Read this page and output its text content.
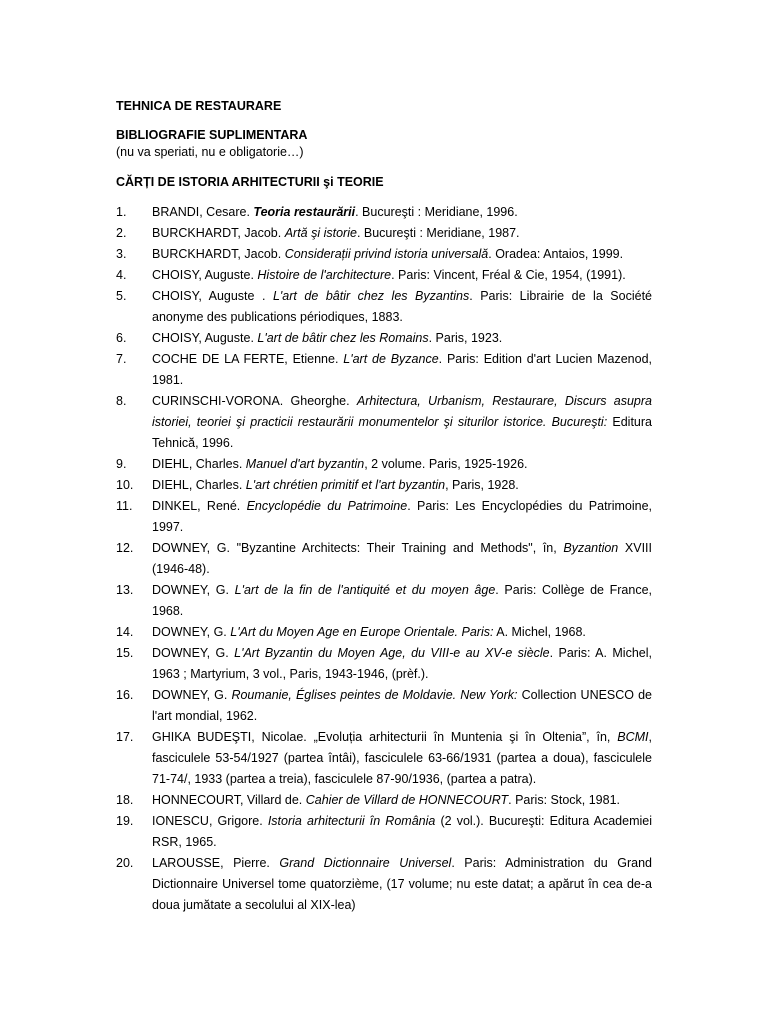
TEHNICA DE RESTAURARE
BIBLIOGRAFIE SUPLIMENTARA
(nu va speriati, nu e obligatorie…)
CĂRȚI DE ISTORIA ARHITECTURII şi TEORIE
1. BRANDI, Cesare. Teoria restaurării. Bucureşti : Meridiane, 1996.
2. BURCKHARDT, Jacob. Artă şi istorie. Bucureşti : Meridiane, 1987.
3. BURCKHARDT, Jacob. Considerații privind istoria universală. Oradea: Antaios, 1999.
4. CHOISY, Auguste. Histoire de l'architecture. Paris: Vincent, Fréal & Cie, 1954, (1991).
5. CHOISY, Auguste . L'art de bâtir chez les Byzantins. Paris: Librairie de la Société anonyme des publications périodiques, 1883.
6. CHOISY, Auguste. L'art de bâtir chez les Romains. Paris, 1923.
7. COCHE DE LA FERTE, Etienne. L'art de Byzance. Paris: Edition d'art Lucien Mazenod, 1981.
8. CURINSCHI-VORONA. Gheorghe. Arhitectura, Urbanism, Restaurare, Discurs asupra istoriei, teoriei şi practicii restaurării monumentelor şi siturilor istorice. Bucureşti: Editura Tehnică, 1996.
9. DIEHL, Charles. Manuel d'art byzantin, 2 volume. Paris, 1925-1926.
10. DIEHL, Charles. L'art chrétien primitif et l'art byzantin, Paris, 1928.
11. DINKEL, René. Encyclopédie du Patrimoine. Paris: Les Encyclopédies du Patrimoine, 1997.
12. DOWNEY, G. "Byzantine Architects: Their Training and Methods", în, Byzantion XVIII (1946-48).
13. DOWNEY, G. L'art de la fin de l'antiquité et du moyen âge. Paris: Collège de France, 1968.
14. DOWNEY, G. L'Art du Moyen Age en Europe Orientale. Paris: A. Michel, 1968.
15. DOWNEY, G. L'Art Byzantin du Moyen Age, du VIII-e au XV-e siècle. Paris: A. Michel, 1963 ; Martyrium, 3 vol., Paris, 1943-1946, (prèf.).
16. DOWNEY, G. Roumanie, Églises peintes de Moldavie. New York: Collection UNESCO de l'art mondial, 1962.
17. GHIKA BUDEŞTI, Nicolae. „Evoluția arhitecturii în Muntenia şi în Oltenia”, în, BCMI, fasciculele 53-54/1927 (partea întâi), fasciculele 63-66/1931 (partea a doua), fasciculele 71-74/, 1933 (partea a treia), fasciculele 87-90/1936, (partea a patra).
18. HONNECOURT, Villard de. Cahier de Villard de HONNECOURT. Paris: Stock, 1981.
19. IONESCU, Grigore. Istoria arhitecturii în România (2 vol.). Bucureşti: Editura Academiei RSR, 1965.
20. LAROUSSE, Pierre. Grand Dictionnaire Universel. Paris: Administration du Grand Dictionnaire Universel tome quatorzième, (17 volume; nu este datat; a apărut în cea de-a doua jumătate a secolului al XIX-lea)
